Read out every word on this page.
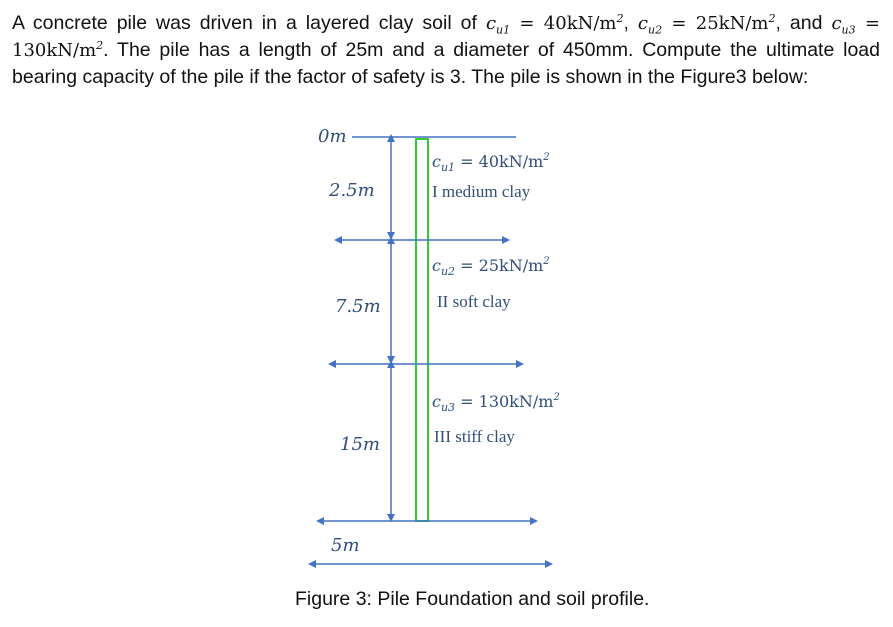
A concrete pile was driven in a layered clay soil of $c_{u1} = 40kN/m^2$, $c_{u2} = 25kN/m^2$, and $c_{u3} = 130kN/m^2$. The pile has a length of 25m and a diameter of 450mm. Compute the ultimate load bearing capacity of the pile if the factor of safety is 3. The pile is shown in the Figure3 below:
0m
2.5m
7.5m
15m
5m
$c_{u1} = 40kN/m^2$
I medium clay
$c_{u2} = 25kN/m^2$
II soft clay
$c_{u3} = 130kN/m^2$
III stiff clay
Figure 3: Pile Foundation and soil profile.
